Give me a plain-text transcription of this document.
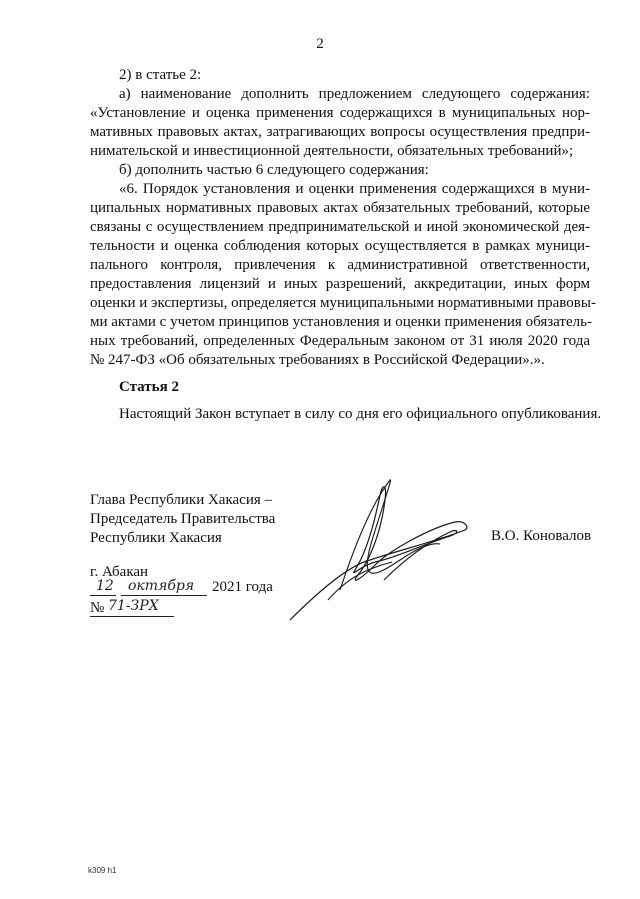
2
2) в статье 2:
а) наименование дополнить предложением следующего содержания:
«Установление и оценка применения содержащихся в муниципальных нор-
мативных правовых актах, затрагивающих вопросы осуществления предпри-
нимательской и инвестиционной деятельности, обязательных требований»;
б) дополнить частью 6 следующего содержания:
«6. Порядок установления и оценки применения содержащихся в муни-
ципальных нормативных правовых актах обязательных требований, которые
связаны с осуществлением предпринимательской и иной экономической дея-
тельности и оценка соблюдения которых осуществляется в рамках муници-
пального контроля, привлечения к административной ответственности,
предоставления лицензий и иных разрешений, аккредитации, иных форм
оценки и экспертизы, определяется муниципальными нормативными правовы-
ми актами с учетом принципов установления и оценки применения обязатель-
ных требований, определенных Федеральным законом от 31 июля 2020 года
№ 247-ФЗ «Об обязательных требованиях в Российской Федерации».».
Статья 2
Настоящий Закон вступает в силу со дня его официального опубликования.
Глава Республики Хакасия –
Председатель Правительства
Республики Хакасия	В.О. Коновалов
г. Абакан
12 октября 2021 года
№ 71-ЗРХ
k309 h1
